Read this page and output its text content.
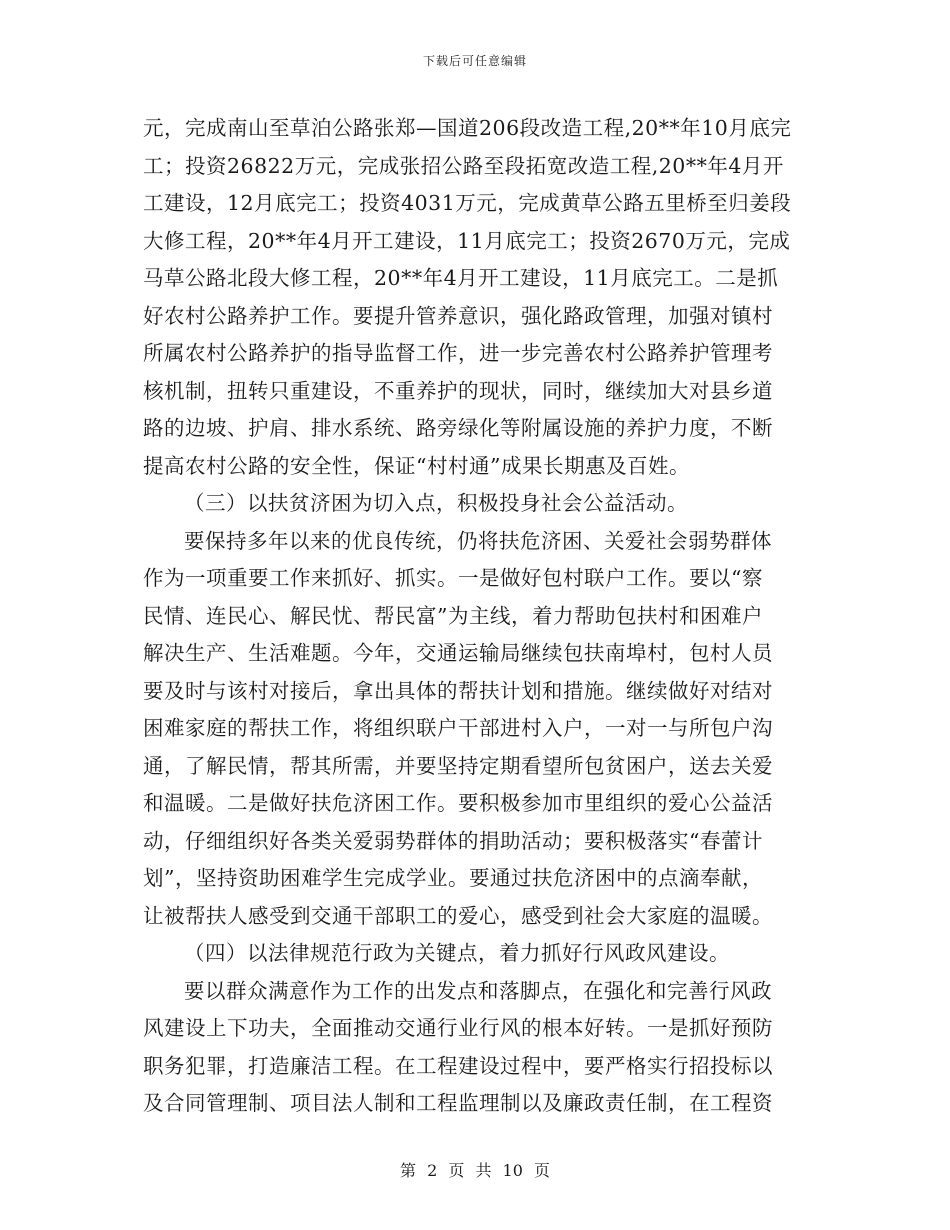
下载后可任意编辑
元，完成南山至草泊公路张郑—国道206段改造工程,20**年10月底完
工；投资26822万元，完成张招公路至段拓宽改造工程,20**年4月开
工建设，12月底完工；投资4031万元，完成黄草公路五里桥至归姜段
大修工程，20**年4月开工建设，11月底完工；投资2670万元，完成
马草公路北段大修工程，20**年4月开工建设，11月底完工。二是抓
好农村公路养护工作。要提升管养意识，强化路政管理，加强对镇村
所属农村公路养护的指导监督工作，进一步完善农村公路养护管理考
核机制，扭转只重建设，不重养护的现状，同时，继续加大对县乡道
路的边坡、护肩、排水系统、路旁绿化等附属设施的养护力度，不断
提高农村公路的安全性，保证“村村通”成果长期惠及百姓。
（三）以扶贫济困为切入点，积极投身社会公益活动。
要保持多年以来的优良传统，仍将扶危济困、关爱社会弱势群体
作为一项重要工作来抓好、抓实。一是做好包村联户工作。要以“察
民情、连民心、解民忧、帮民富”为主线，着力帮助包扶村和困难户
解决生产、生活难题。今年，交通运输局继续包扶南埠村，包村人员
要及时与该村对接后，拿出具体的帮扶计划和措施。继续做好对结对
困难家庭的帮扶工作，将组织联户干部进村入户，一对一与所包户沟
通，了解民情，帮其所需，并要坚持定期看望所包贫困户，送去关爱
和温暖。二是做好扶危济困工作。要积极参加市里组织的爱心公益活
动，仔细组织好各类关爱弱势群体的捐助活动；要积极落实“春蕾计
划”，坚持资助困难学生完成学业。要通过扶危济困中的点滴奉献，
让被帮扶人感受到交通干部职工的爱心，感受到社会大家庭的温暖。
（四）以法律规范行政为关键点，着力抓好行风政风建设。
要以群众满意作为工作的出发点和落脚点，在强化和完善行风政
风建设上下功夫，全面推动交通行业行风的根本好转。一是抓好预防
职务犯罪，打造廉洁工程。在工程建设过程中，要严格实行招投标以
及合同管理制、项目法人制和工程监理制以及廉政责任制，在工程资
第 2 页 共 10 页
